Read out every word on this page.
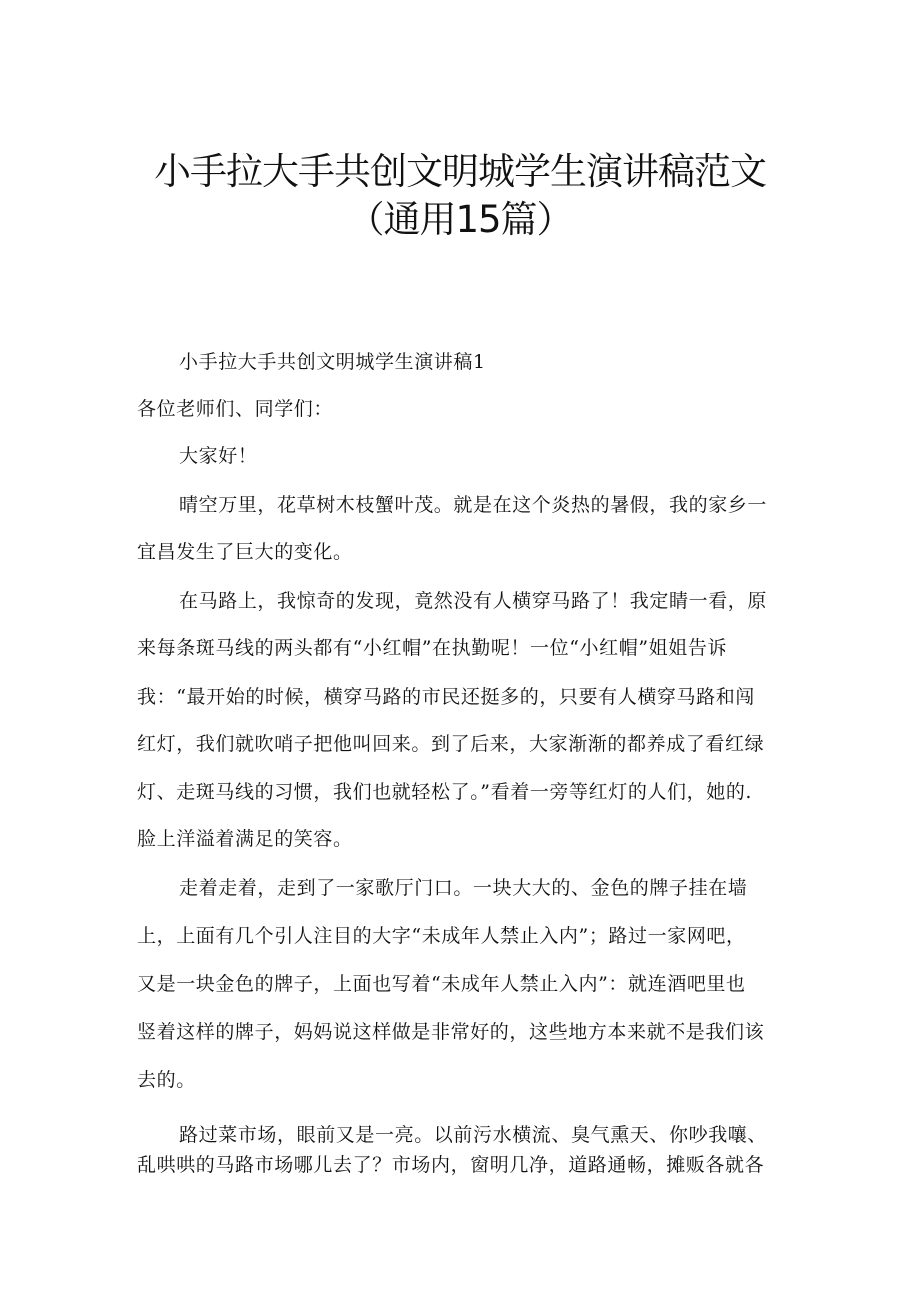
小手拉大手共创文明城学生演讲稿范文
（通用15篇）
小手拉大手共创文明城学生演讲稿1
各位老师们、同学们：
大家好！
晴空万里，花草树木枝蟹叶茂。就是在这个炎热的暑假，我的家乡一
宜昌发生了巨大的变化。
在马路上，我惊奇的发现，竟然没有人横穿马路了！我定睛一看，原
来每条斑马线的两头都有“小红帽”在执勤呢！一位“小红帽”姐姐告诉
我：“最开始的时候，横穿马路的市民还挺多的，只要有人横穿马路和闯
红灯，我们就吹哨子把他叫回来。到了后来，大家渐渐的都养成了看红绿
灯、走斑马线的习惯，我们也就轻松了。”看着一旁等红灯的人们，她的.
脸上洋溢着满足的笑容。
走着走着，走到了一家歌厅门口。一块大大的、金色的牌子挂在墙
上，上面有几个引人注目的大字“未成年人禁止入内”；路过一家网吧，
又是一块金色的牌子，上面也写着“未成年人禁止入内”：就连酒吧里也
竖着这样的牌子，妈妈说这样做是非常好的，这些地方本来就不是我们该
去的。
路过菜市场，眼前又是一亮。以前污水横流、臭气熏天、你吵我嚷、
乱哄哄的马路市场哪儿去了？市场内，窗明几净，道路通畅，摊贩各就各
